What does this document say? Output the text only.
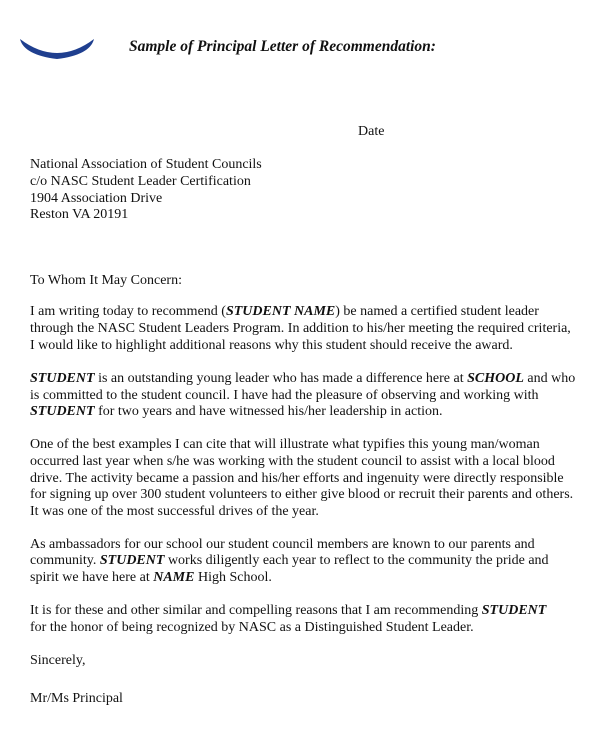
Sample of Principal Letter of Recommendation:

Date

National Association of Student Councils

c/o NASC Student Leader Certification

1904 Association Drive

Reston VA 20191

To Whom It May Concern:

I am writing today to recommend (STUDENT NAME) be named a certified student leader

through the NASC Student Leaders Program. In addition to his/her meeting the required criteria,

I would like to highlight additional reasons why this student should receive the award.

STUDENT is an outstanding young leader who has made a difference here at SCHOOL and who

is committed to the student council. I have had the pleasure of observing and working with

STUDENT for two years and have witnessed his/her leadership in action.

One of the best examples I can cite that will illustrate what typifies this young man/woman

occurred last year when s/he was working with the student council to assist with a local blood

drive. The activity became a passion and his/her efforts and ingenuity were directly responsible

for signing up over 300 student volunteers to either give blood or recruit their parents and others.

It was one of the most successful drives of the year.

As ambassadors for our school our student council members are known to our parents and

community. STUDENT works diligently each year to reflect to the community the pride and

spirit we have here at NAME High School.

It is for these and other similar and compelling reasons that I am recommending STUDENT

for the honor of being recognized by NASC as a Distinguished Student Leader.

Sincerely,

Mr/Ms Principal
